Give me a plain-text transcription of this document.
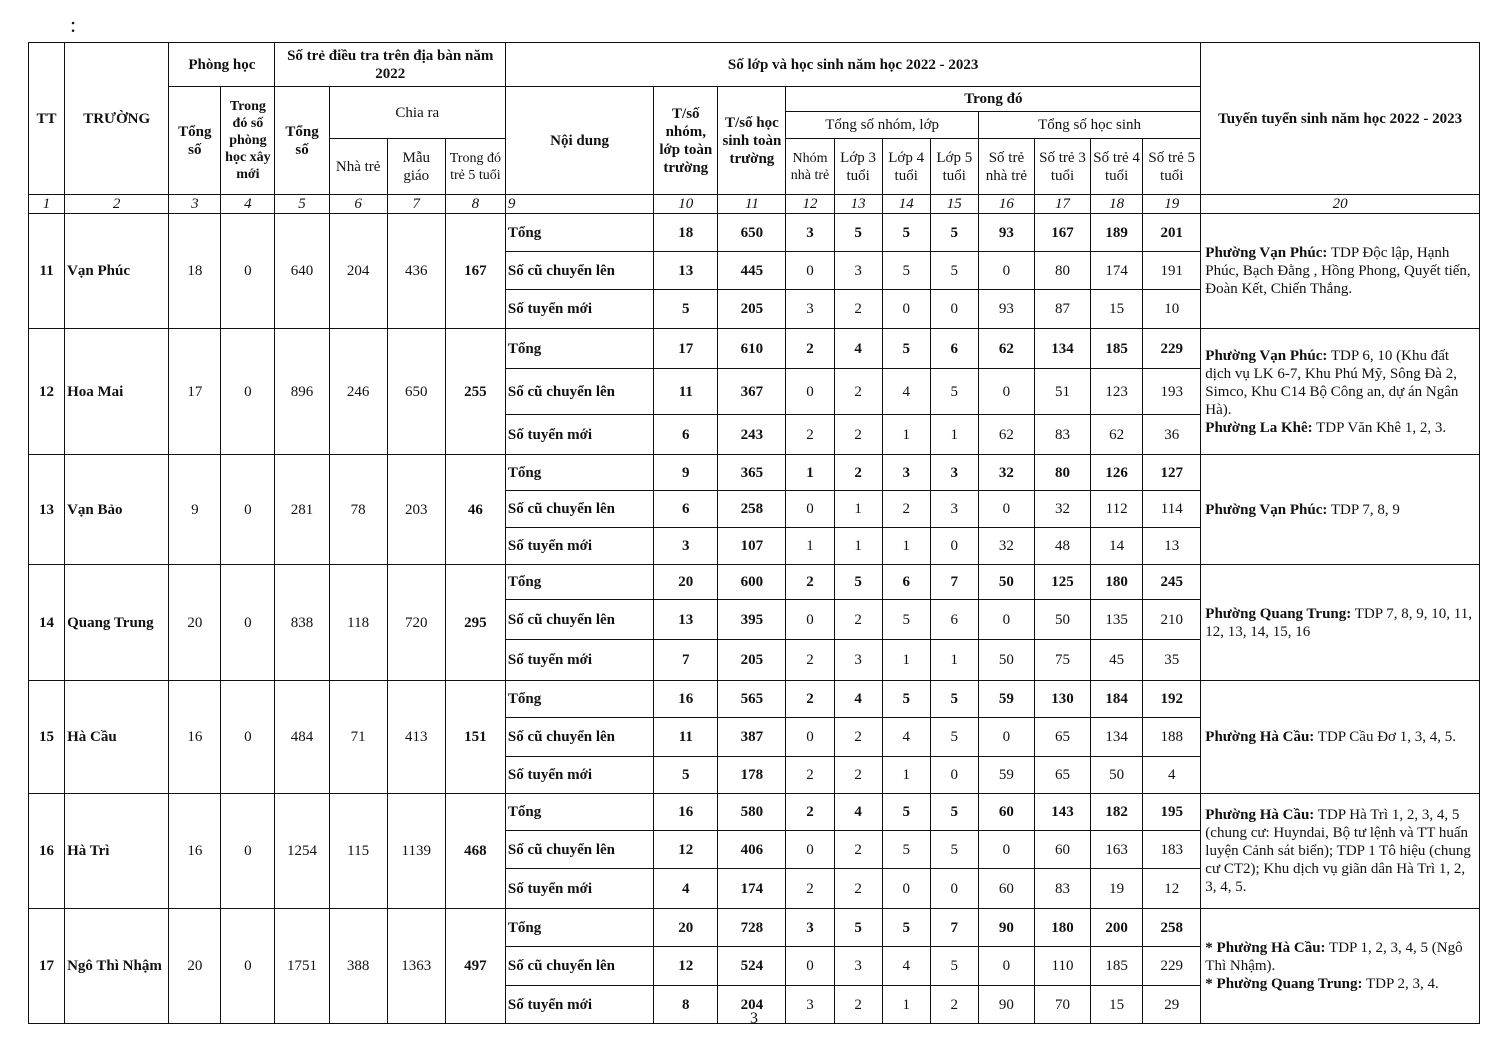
:
TT	TRƯỜNG	Phòng học		Số trẻ điều tra trên địa bàn năm 2022				Số lớp và học sinh năm học 2022 - 2023											Tuyến tuyển sinh năm học 2022 - 2023
		Tổng số	Trong đó số phòng học xây mới	Tổng số	Chia ra			Nội dung	T/số nhóm, lớp toàn trường	T/số học sinh toàn trường	Trong đó								
											Tổng số nhóm, lớp				Tổng số học sinh				
					Nhà trẻ	Mẫu giáo	Trong đó trẻ 5 tuổi				Nhóm nhà trẻ	Lớp 3 tuổi	Lớp 4 tuổi	Lớp 5 tuổi	Số trẻ nhà trẻ	Số trẻ 3 tuổi	Số trẻ 4 tuổi	Số trẻ 5 tuổi	
1	2	3	4	5	6	7	8	9	10	11	12	13	14	15	16	17	18	19	20
11	Vạn Phúc	18	0	640	204	436	167	Tổng	18	650	3	5	5	5	93	167	189	201	Phường Vạn Phúc: TDP Độc lập, Hạnh Phúc, Bạch Đằng , Hồng Phong, Quyết tiến, Đoàn Kết, Chiến Thắng.

								Số cũ chuyển lên	13	445	0	3	5	5	0	80	174	191	
								Số tuyển mới	5	205	3	2	0	0	93	87	15	10	
12	Hoa Mai	17	0	896	246	650	255	Tổng	17	610	2	4	5	6	62	134	185	229	Phường Vạn Phúc: TDP 6, 10 (Khu đất dịch vụ LK 6-7, Khu Phú Mỹ, Sông Đà 2, Simco, Khu C14 Bộ Công an, dự án Ngân Hà).
Phường La Khê: TDP Văn Khê 1, 2, 3.

								Số cũ chuyển lên	11	367	0	2	4	5	0	51	123	193	
								Số tuyển mới	6	243	2	2	1	1	62	83	62	36	
13	Vạn Bảo	9	0	281	78	203	46	Tổng	9	365	1	2	3	3	32	80	126	127	Phường Vạn Phúc: TDP 7, 8, 9

								Số cũ chuyển lên	6	258	0	1	2	3	0	32	112	114	
								Số tuyển mới	3	107	1	1	1	0	32	48	14	13	
14	Quang Trung	20	0	838	118	720	295	Tổng	20	600	2	5	6	7	50	125	180	245	Phường Quang Trung: TDP 7, 8, 9, 10, 11, 12, 13, 14, 15, 16

								Số cũ chuyển lên	13	395	0	2	5	6	0	50	135	210	
								Số tuyển mới	7	205	2	3	1	1	50	75	45	35	
15	Hà Cầu	16	0	484	71	413	151	Tổng	16	565	2	4	5	5	59	130	184	192	Phường Hà Cầu: TDP Cầu Đơ 1, 3, 4, 5.

								Số cũ chuyển lên	11	387	0	2	4	5	0	65	134	188	
								Số tuyển mới	5	178	2	2	1	0	59	65	50	4	
16	Hà Trì	16	0	1254	115	1139	468	Tổng	16	580	2	4	5	5	60	143	182	195	Phường Hà Cầu: TDP Hà Trì 1, 2, 3, 4, 5 (chung cư: Huyndai, Bộ tư lệnh và TT huấn luyện Cảnh sát biển); TDP 1 Tô hiệu (chung cư CT2); Khu dịch vụ giãn dân Hà Trì 1, 2, 3, 4, 5.

								Số cũ chuyển lên	12	406	0	2	5	5	0	60	163	183	
								Số tuyển mới	4	174	2	2	0	0	60	83	19	12	
17	Ngô Thì Nhậm	20	0	1751	388	1363	497	Tổng	20	728	3	5	5	7	90	180	200	258	* Phường Hà Cầu: TDP 1, 2, 3, 4, 5 (Ngô Thì Nhậm).
* Phường Quang Trung: TDP 2, 3, 4.

								Số cũ chuyển lên	12	524	0	3	4	5	0	110	185	229	
								Số tuyển mới	8	204	3	2	1	2	90	70	15	29	
3
